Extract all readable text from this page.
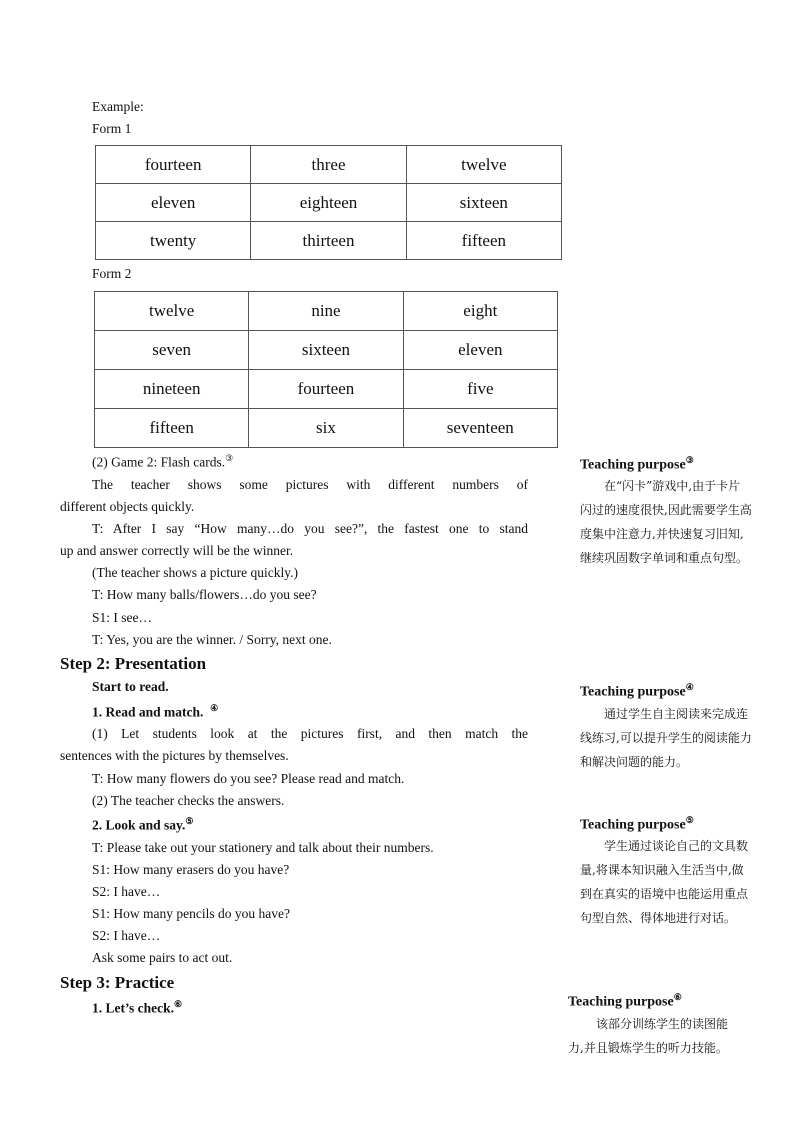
Example:
Form 1
fourteen	three	twelve
eleven	eighteen	sixteen
twenty	thirteen	fifteen
Form 2
twelve	nine	eight
seven	sixteen	eleven
nineteen	fourteen	five
fifteen	six	seventeen
(2) Game 2: Flash cards.③
The teacher shows some pictures with different numbers of
different objects quickly.
T: After I say “How many…do you see?”, the fastest one to stand
up and answer correctly will be the winner.
(The teacher shows a picture quickly.)
T: How many balls/flowers…do you see?
S1: I see…
T: Yes, you are the winner. / Sorry, next one.
Step 2: Presentation
Start to read.
1. Read and match. ④
(1) Let students look at the pictures first, and then match the
sentences with the pictures by themselves.
T: How many flowers do you see? Please read and match.
(2) The teacher checks the answers.
2. Look and say.⑤
T: Please take out your stationery and talk about their numbers.
S1: How many erasers do you have?
S2: I have…
S1: How many pencils do you have?
S2: I have…
Ask some pairs to act out.
Step 3: Practice
1. Let’s check.⑥
Teaching purpose③
在“闪卡”游戏中,由于卡片闪过的速度很快,因此需要学生高度集中注意力,并快速复习旧知,继续巩固数字单词和重点句型。
Teaching purpose④
通过学生自主阅读来完成连线练习,可以提升学生的阅读能力和解决问题的能力。
Teaching purpose⑤
学生通过谈论自己的文具数量,将课本知识融入生活当中,做到在真实的语境中也能运用重点句型自然、得体地进行对话。
Teaching purpose⑥
该部分训练学生的读图能力,并且锻炼学生的听力技能。
